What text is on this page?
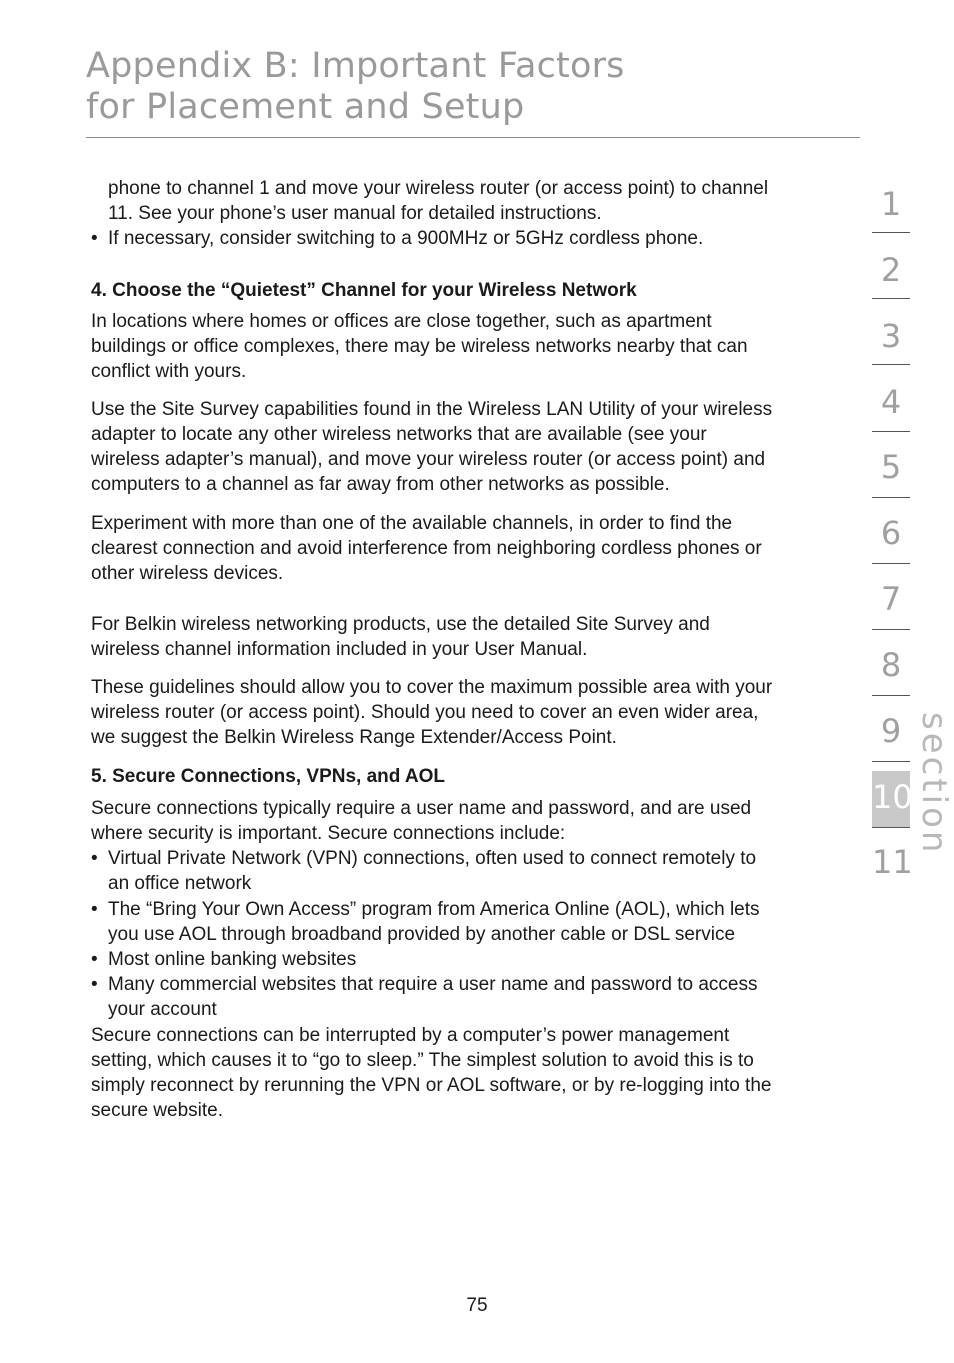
Appendix B: Important Factors
for Placement and Setup
phone to channel 1 and move your wireless router (or access point) to channel
11. See your phone’s user manual for detailed instructions.
• If necessary, consider switching to a 900MHz or 5GHz cordless phone.
4. Choose the “Quietest” Channel for your Wireless Network
In locations where homes or offices are close together, such as apartment
buildings or office complexes, there may be wireless networks nearby that can
conflict with yours.
Use the Site Survey capabilities found in the Wireless LAN Utility of your wireless
adapter to locate any other wireless networks that are available (see your
wireless adapter’s manual), and move your wireless router (or access point) and
computers to a channel as far away from other networks as possible.
Experiment with more than one of the available channels, in order to find the
clearest connection and avoid interference from neighboring cordless phones or
other wireless devices.
For Belkin wireless networking products, use the detailed Site Survey and
wireless channel information included in your User Manual.
These guidelines should allow you to cover the maximum possible area with your
wireless router (or access point). Should you need to cover an even wider area,
we suggest the Belkin Wireless Range Extender/Access Point.
5. Secure Connections, VPNs, and AOL
Secure connections typically require a user name and password, and are used
where security is important. Secure connections include:
• Virtual Private Network (VPN) connections, often used to connect remotely to
an office network
• The “Bring Your Own Access” program from America Online (AOL), which lets
you use AOL through broadband provided by another cable or DSL service
• Most online banking websites
• Many commercial websites that require a user name and password to access
your account
Secure connections can be interrupted by a computer’s power management
setting, which causes it to “go to sleep.” The simplest solution to avoid this is to
simply reconnect by rerunning the VPN or AOL software, or by re-logging into the
secure website.
1
2
3
4
5
6
7
8
9
10
11
section
75
